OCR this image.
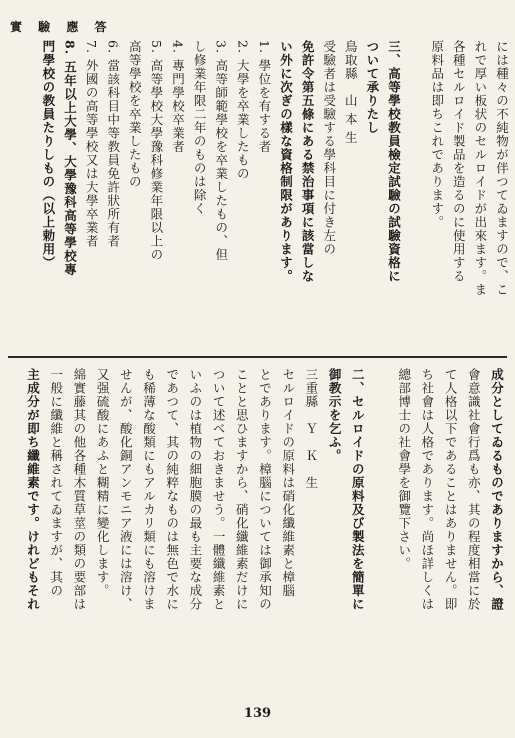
實 驗 應 答
には種々の不純物が伴つてゐますので、こ
れで厚い板状のセルロイドが出來ます。ま
各種セルロイド製品を造るのに使用する
原料品は即ちこれであります。
三、高等學校教員檢定試驗の試驗資格に
ついて承りたし
鳥取縣　山 本 生
受驗者は受驗する學科目に付き左の
免許令第五條にある禁治事項に該當しな
い外に次ぎの樣な資格制限があります。
1. 學位を有する者
2. 大學を卒業したもの
3. 高等師範學校を卒業したもの、但
し修業年限二年のものは除く
4. 專門學校卒業者
5. 高等學校大學豫科修業年限以上の
高等學校を卒業したもの
6. 當該科目中等教員免許狀所有者
7. 外國の高等學校又は大學卒業者
8. 五年以上大學、大學豫科高等學校專
門學校の教員たりしもの（以上勅用）
成分としてゐるものでありますから、證
會意識社會行爲も亦、其の程度相當に於
て人格以下であることはありません。即
ち社會は人格であります。尚ほ詳しくは
總部博士の社會學を御覽下さい。
二、セルロイドの原料及び製法を簡單に
御教示を乞ふ。
三重縣　Ｙ　Ｋ　生
セルロイドの原料は硝化纖維素と樟腦
とであります。樟腦については御承知の
ことと思ひますから、硝化纖維素だけに
ついて述べておきませう。一體纖維素と
いふのは植物の細胞膜の最も主要な成分
であつて、其の純粹なものは無色で水に
も稀薄な酸類にもアルカリ類にも溶けま
せんが、酸化銅アンモニア液には溶け、
又强硫酸にあふと糊精に變化します。
綿實藤其の他各種木質草莖の類の要部は
一般に纖維と稱されてゐますが、其の
主成分が即ち纖維素です。けれどもそれ
139
